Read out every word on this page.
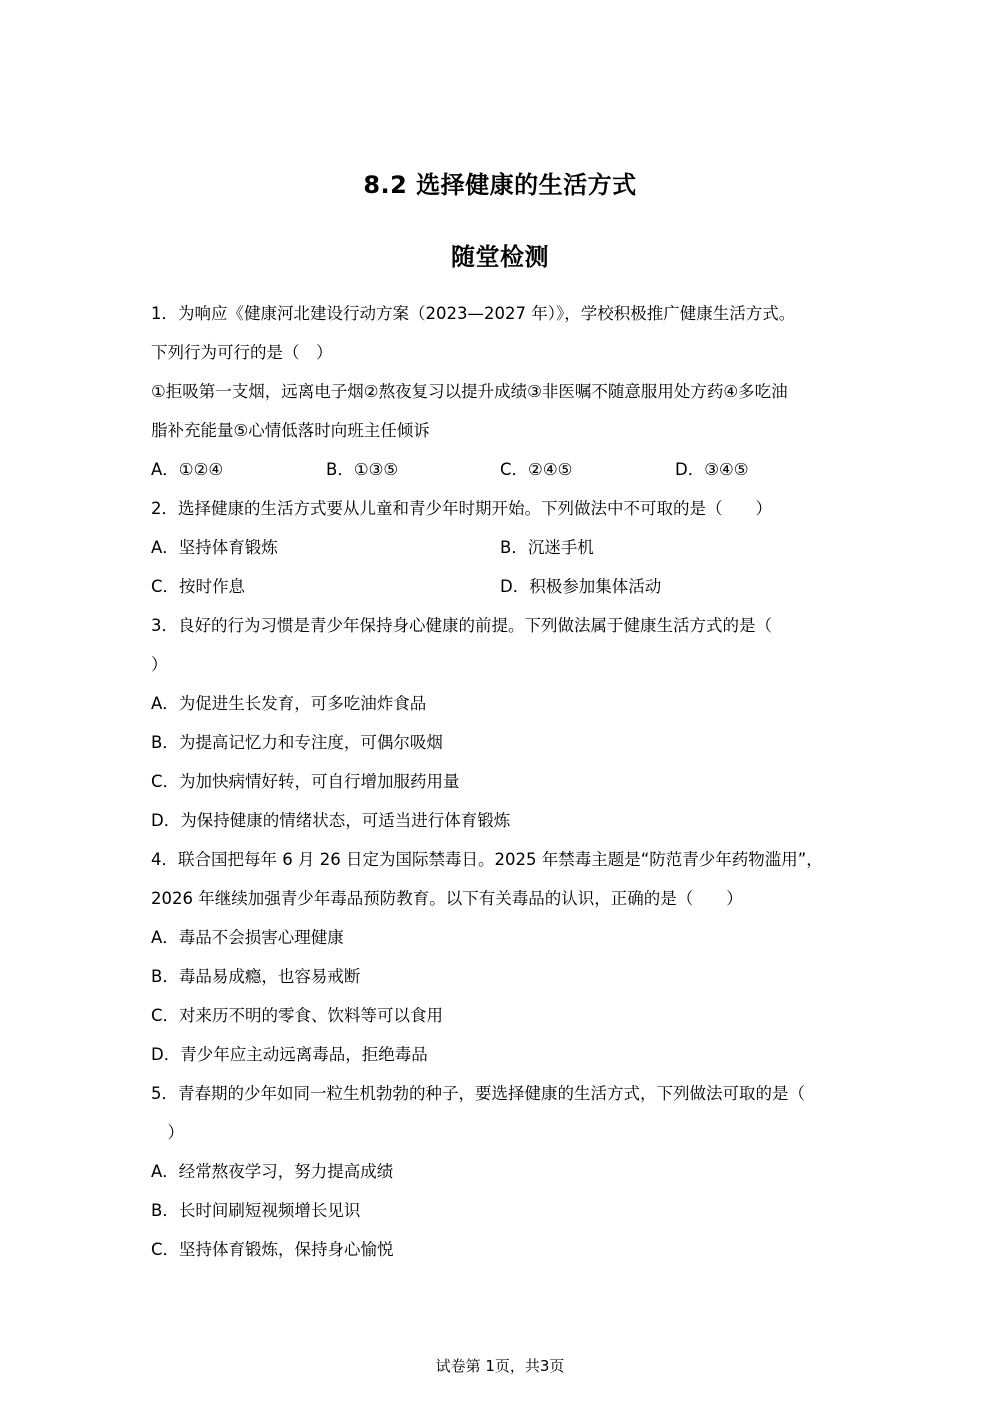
8.2 选择健康的生活方式
随堂检测
1．为响应《健康河北建设行动方案（2023—2027 年）》，学校积极推广健康生活方式。
下列行为可行的是（　）
①拒吸第一支烟，远离电子烟②熬夜复习以提升成绩③非医嘱不随意服用处方药④多吃油
脂补充能量⑤心情低落时向班主任倾诉
A．①②④	B．①③⑤	C．②④⑤	D．③④⑤
2．选择健康的生活方式要从儿童和青少年时期开始。下列做法中不可取的是（　　）
A．坚持体育锻炼	B．沉迷手机
C．按时作息	D．积极参加集体活动
3．良好的行为习惯是青少年保持身心健康的前提。下列做法属于健康生活方式的是（
）
A．为促进生长发育，可多吃油炸食品
B．为提高记忆力和专注度，可偶尔吸烟
C．为加快病情好转，可自行增加服药用量
D．为保持健康的情绪状态，可适当进行体育锻炼
4．联合国把每年 6 月 26 日定为国际禁毒日。2025 年禁毒主题是“防范青少年药物滥用”，
2026 年继续加强青少年毒品预防教育。以下有关毒品的认识，正确的是（　　）
A．毒品不会损害心理健康
B．毒品易成瘾，也容易戒断
C．对来历不明的零食、饮料等可以食用
D．青少年应主动远离毒品，拒绝毒品
5．青春期的少年如同一粒生机勃勃的种子，要选择健康的生活方式，下列做法可取的是（
　）
A．经常熬夜学习，努力提高成绩
B．长时间刷短视频增长见识
C．坚持体育锻炼，保持身心愉悦
试卷第 1页，共3页
